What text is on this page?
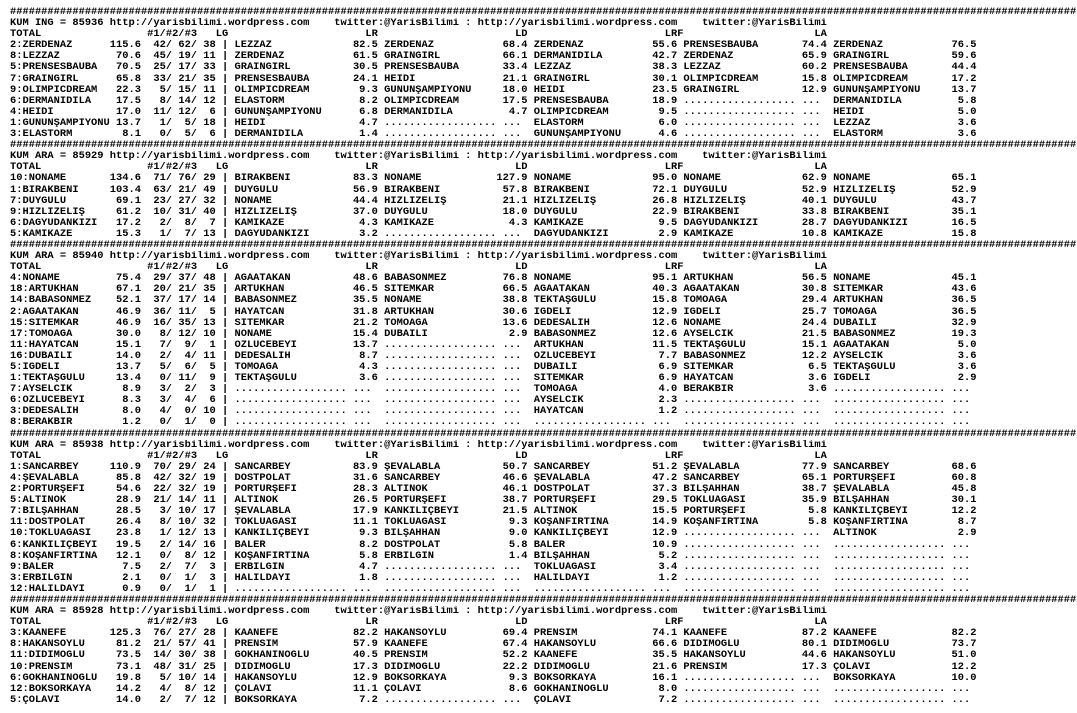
###########################################################################################################################################################################
KUM ING = 85936 http://yarisbilimi.wordpress.com    twitter:@YarisBilimi : http://yarisbilimi.wordpress.com    twitter:@YarisBilimi
TOTAL                 #1/#2/#3   LG                      LR                      LD                      LRF                     LA
2:ZERDENAZ      115.6  42/ 62/ 38 | LEZZAZ             82.5 ZERDENAZ           68.4 ZERDENAZ           55.6 PRENSESBAUBA       74.4 ZERDENAZ           76.5
8:LEZZAZ         70.6  45/ 19/ 11 | ZERDENAZ           61.5 GRAINGIRL          66.1 DERMANIDILA        42.7 ZERDENAZ           65.9 GRAINGIRL          59.6
5:PRENSESBAUBA   70.5  25/ 17/ 33 | GRAINGIRL          30.5 PRENSESBAUBA       33.4 LEZZAZ             38.3 LEZZAZ             60.2 PRENSESBAUBA       44.4
7:GRAINGIRL      65.8  33/ 21/ 35 | PRENSESBAUBA       24.1 HEIDI              21.1 GRAINGIRL          30.1 OLIMPICDREAM       15.8 OLIMPICDREAM       17.2
9:OLIMPICDREAM   22.3   5/ 15/ 11 | OLIMPICDREAM        9.3 GÜNÜNŞAMPİYONU     18.0 HEIDI              23.5 GRAINGIRL          12.9 GÜNÜNŞAMPİYONU     13.7
6:DERMANIDILA    17.5   8/ 14/ 12 | ELASTORM            8.2 OLIMPICDREAM       17.5 PRENSESBAUBA       18.9 .................. ...  DERMANIDILA         5.8
4:HEIDI          17.0  11/ 12/  6 | GÜNÜNŞAMPİYONU      6.8 DERMANIDILA         4.7 OLIMPICDREAM        9.5 .................. ...  HEIDI               5.0
1:GÜNÜNŞAMPİYONU 13.7   1/  5/ 18 | HEIDI               4.7 .................. ...  ELASTORM            6.0 .................. ...  LEZZAZ              3.6
3:ELASTORM        8.1   0/  5/  6 | DERMANIDILA         1.4 .................. ...  GÜNÜNŞAMPİYONU      4.6 .................. ...  ELASTORM            3.6
###########################################################################################################################################################################
KUM ARA = 85929 http://yarisbilimi.wordpress.com    twitter:@YarisBilimi : http://yarisbilimi.wordpress.com    twitter:@YarisBilimi
TOTAL                 #1/#2/#3   LG                      LR                      LD                      LRF                     LA
10:NONAME       134.6  71/ 76/ 29 | BIRAKBENİ          83.3 NONAME            127.9 NONAME             95.0 NONAME             62.9 NONAME             65.1
1:BIRAKBENİ     103.4  63/ 21/ 49 | DUYGULU            56.9 BIRAKBENİ          57.8 BIRAKBENİ          72.1 DUYGULU            52.9 HIZLIZELİŞ         52.9
7:DUYGULU        69.1  23/ 27/ 32 | NONAME             44.4 HIZLIZELİŞ         21.1 HIZLIZELİŞ         26.8 HIZLIZELİŞ         40.1 DUYGULU            43.7
9:HIZLIZELİŞ     61.2  10/ 31/ 40 | HIZLIZELİŞ         37.0 DUYGULU            18.0 DUYGULU            22.9 BIRAKBENİ          33.8 BIRAKBENİ          35.1
6:DAĞYUDANKIZI   17.2   2/  8/  7 | KAMIKAZE            4.3 KAMIKAZE            4.3 KAMIKAZE            9.5 DAĞYUDANKIZI       28.7 DAĞYUDANKIZI       16.5
5:KAMIKAZE       15.3   1/  7/ 13 | DAĞYUDANKIZI        3.2 .................. ...  DAĞYUDANKIZI        2.9 KAMIKAZE           10.8 KAMIKAZE           15.8
###########################################################################################################################################################################
KUM ARA = 85940 http://yarisbilimi.wordpress.com    twitter:@YarisBilimi : http://yarisbilimi.wordpress.com    twitter:@YarisBilimi
TOTAL                 #1/#2/#3   LG                      LR                      LD                      LRF                     LA
4:NONAME         75.4  29/ 37/ 48 | AĞAATAKAN          48.6 BABASÖNMEZ         76.8 NONAME             95.1 ARTUKHAN           56.5 NONAME             45.1
18:ARTUKHAN      67.1  20/ 21/ 35 | ARTUKHAN           46.5 SİTEMKAR           66.5 AĞAATAKAN          40.3 AĞAATAKAN          30.8 SİTEMKAR           43.6
14:BABASÖNMEZ    52.1  37/ 17/ 14 | BABASÖNMEZ         35.5 NONAME             38.8 TEKTAŞGÜLÜ         15.8 TOMOAĞA            29.4 ARTUKHAN           36.5
2:AĞAATAKAN      46.9  36/ 11/  5 | HAYATCAN           31.8 ARTUKHAN           30.6 İĞDELİ             12.9 İĞDELİ             25.7 TOMOAĞA            36.5
15:SİTEMKAR      46.9  16/ 35/ 13 | SİTEMKAR           21.2 TOMOAĞA            13.6 DEDESALİH          12.6 NONAME             24.4 DUBAİLİ            32.9
17:TOMOAĞA       30.0   8/ 12/ 10 | NONAME             15.4 DUBAİLİ             2.9 BABASÖNMEZ         12.6 AYSELCİK           21.5 BABASÖNMEZ         19.3
11:HAYATCAN      15.1   7/  9/  1 | ÖZLÜCEBEYİ         13.7 .................. ...  ARTUKHAN           11.5 TEKTAŞGÜLÜ         15.1 AĞAATAKAN           5.0
16:DUBAİLİ       14.0   2/  4/ 11 | DEDESALİH           8.7 .................. ...  ÖZLÜCEBEYİ          7.7 BABASÖNMEZ         12.2 AYSELCİK            3.6
5:İĞDELİ         13.7   5/  6/  5 | TOMOAĞA             4.3 .................. ...  DUBAİLİ             6.9 SİTEMKAR            6.5 TEKTAŞGÜLÜ          3.6
1:TEKTAŞGÜLÜ     13.4   0/ 11/  9 | TEKTAŞGÜLÜ          3.6 .................. ...  SİTEMKAR            6.9 HAYATCAN            3.6 İĞDELİ              2.9
7:AYSELCİK        8.9   3/  2/  3 | .................. ...  .................. ...  TOMOAĞA             4.0 BERAKBIR            3.6 .................. ...
6:ÖZLÜCEBEYİ      8.3   3/  4/  6 | .................. ...  .................. ...  AYSELCİK            2.3 .................. ...  .................. ...
3:DEDESALİH       8.0   4/  0/ 10 | .................. ...  .................. ...  HAYATCAN            1.2 .................. ...  .................. ...
8:BERAKBIR        1.2   0/  1/  0 | .................. ...  .................. ...  .................. ...  .................. ...  .................. ...
###########################################################################################################################################################################
KUM ARA = 85938 http://yarisbilimi.wordpress.com    twitter:@YarisBilimi : http://yarisbilimi.wordpress.com    twitter:@YarisBilimi
TOTAL                 #1/#2/#3   LG                      LR                      LD                      LRF                     LA
1:SANCARBEY     110.9  70/ 29/ 24 | SANCARBEY          83.9 ŞEVALABLA          50.7 SANCARBEY          51.2 ŞEVALABLA          77.9 SANCARBEY          68.6
4:ŞEVALABLA      85.8  42/ 32/ 19 | DOSTPOLAT          31.6 SANCARBEY          46.6 ŞEVALABLA          47.2 SANCARBEY          65.1 PORTÜRŞEFİ         60.8
2:PORTÜRŞEFİ     54.6  22/ 32/ 19 | PORTÜRŞEFİ         28.3 ALTINOK            46.1 DOSTPOLAT          37.3 BİLŞAHHAN          38.7 ŞEVALABLA          45.8
5:ALTINOK        28.9  21/ 14/ 11 | ALTINOK            26.5 PORTÜRŞEFİ         38.7 PORTÜRŞEFİ         29.5 TOKLUAĞASI         35.9 BİLŞAHHAN          30.1
7:BİLŞAHHAN      28.5   3/ 10/ 17 | ŞEVALABLA          17.9 KANKILIÇBEYİ       21.5 ALTINOK            15.5 PORTÜRŞEFİ          5.8 KANKILIÇBEYİ       12.2
11:DOSTPOLAT     26.4   8/ 10/ 32 | TOKLUAĞASI         11.1 TOKLUAĞASI          9.3 KOŞANFIRTINA       14.9 KOŞANFIRTINA        5.8 KOŞANFIRTINA        8.7
10:TOKLUAĞASI    23.8   1/ 12/ 13 | KANKILIÇBEYİ        9.3 BİLŞAHHAN           9.0 KANKILIÇBEYİ       12.9 .................. ...  ALTINOK             2.9
6:KANKILIÇBEYİ   19.5   2/ 14/ 16 | BALER               8.2 DOSTPOLAT           5.8 BALER              10.9 .................. ...  .................. ...
8:KOŞANFIRTINA   12.1   0/  8/ 12 | KOŞANFIRTINA        5.8 ERBİLGİN            1.4 BİLŞAHHAN           5.2 .................. ...  .................. ...
9:BALER           7.5   2/  7/  3 | ERBİLGİN            4.7 .................. ...  TOKLUAĞASI          3.4 .................. ...  .................. ...
3:ERBİLGİN        2.1   0/  1/  3 | HALILDAYI           1.8 .................. ...  HALILDAYI           1.2 .................. ...  .................. ...
12:HALILDAYI      0.9   0/  1/  1 | .................. ...  .................. ...  .................. ...  .................. ...  .................. ...
###########################################################################################################################################################################
KUM ARA = 85928 http://yarisbilimi.wordpress.com    twitter:@YarisBilimi : http://yarisbilimi.wordpress.com    twitter:@YarisBilimi
TOTAL                 #1/#2/#3   LG                      LR                      LD                      LRF                     LA
3:KAANEFE       125.3  76/ 27/ 28 | KAANEFE            82.2 HAKANSOYLU         69.4 PRENSİM            74.1 KAANEFE            87.2 KAANEFE            82.2
8:HAKANSOYLU     81.2  21/ 57/ 41 | PRENSİM            57.9 KAANEFE            67.4 HAKANSOYLU         66.6 DİDİMOĞLU          80.1 DİDİMOĞLU          73.7
11:DİDİMOĞLU     73.5  14/ 30/ 38 | GÖKHANINOĞLU       40.5 PRENSİM            52.2 KAANEFE            35.5 HAKANSOYLU         44.6 HAKANSOYLU         51.0
10:PRENSİM       73.1  48/ 31/ 25 | DİDİMOĞLU          17.3 DİDİMOĞLU          22.2 DİDİMOĞLU          21.6 PRENSİM            17.3 ÇOLAVI             12.2
6:GÖKHANINOĞLU   19.8   5/ 10/ 14 | HAKANSOYLU         12.9 BOKSÖRKAYA          9.3 BOKSÖRKAYA         16.1 .................. ...  BOKSÖRKAYA         10.0
12:BOKSÖRKAYA    14.2   4/  8/ 12 | ÇOLAVI             11.1 ÇOLAVI              8.6 GÖKHANINOĞLU        8.0 .................. ...  .................. ...
5:ÇOLAVI         14.0   2/  7/ 12 | BOKSÖRKAYA          7.2 .................. ...  ÇOLAVI              7.2 .................. ...  .................. ...
